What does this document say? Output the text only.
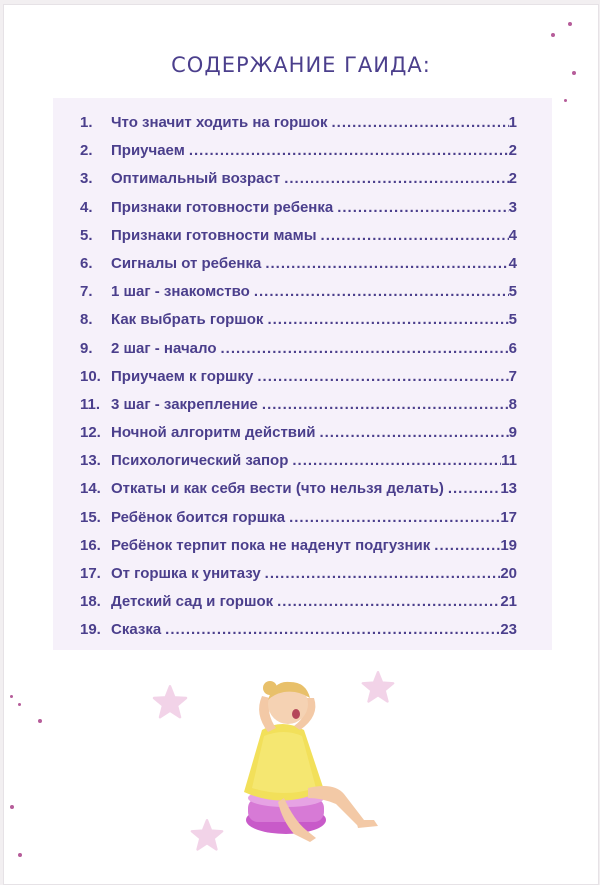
СОДЕРЖАНИЕ ГАИДА:
1.	Что значит ходить на горшок .....	1
2.	Приучаем .....	2
3.	Оптимальный возраст .....	2
4.	Признаки готовности ребенка .....	3
5.	Признаки готовности мамы .....	4
6.	Сигналы от ребенка .....	4
7.	1 шаг - знакомство .....	5
8.	Как выбрать горшок .....	5
9.	2 шаг - начало .....	6
10. Приучаем к горшку .....	7
11. 3 шаг - закрепление .....	8
12. Ночной алгоритм действий .....	9
13. Психологический запор .....	11
14. Откаты и как себя вести (что нельзя делать) .....	13
15. Ребёнок боится горшка .....	17
16. Ребёнок терпит пока не наденут подгузник .....	19
17. От горшка к унитазу .....	20
18. Детский сад и горшок .....	21
19. Сказка .....	23
